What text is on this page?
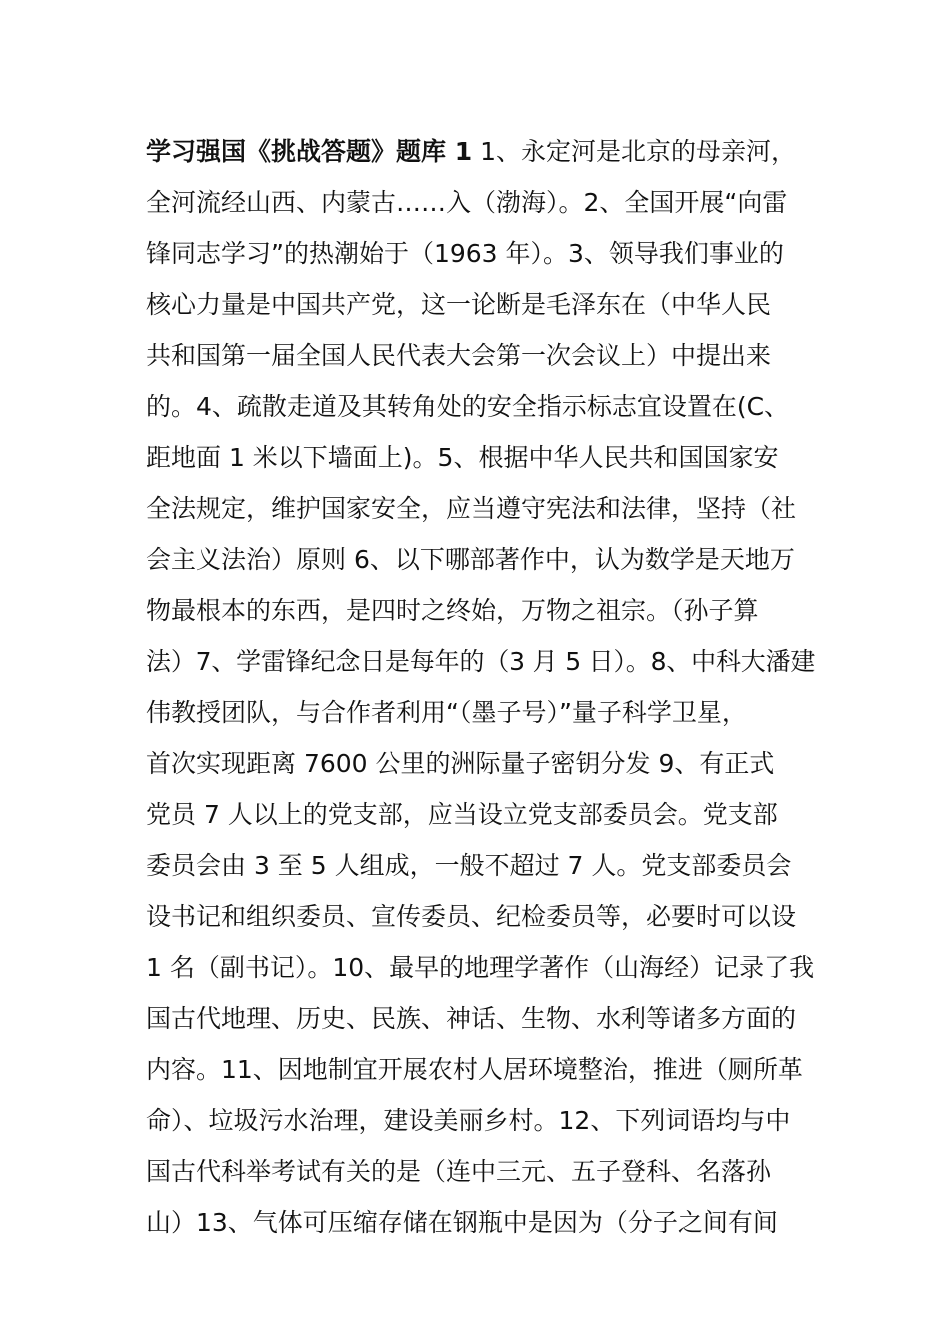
学习强国《挑战答题》题库 1 1、永定河是北京的母亲河，
全河流经山西、内蒙古……入（渤海）。2、全国开展“向雷
锋同志学习”的热潮始于（1963 年）。3、领导我们事业的
核心力量是中国共产党，这一论断是毛泽东在（中华人民
共和国第一届全国人民代表大会第一次会议上）中提出来
的。4、疏散走道及其转角处的安全指示标志宜设置在(C、
距地面 1 米以下墙面上)。5、根据中华人民共和国国家安
全法规定，维护国家安全，应当遵守宪法和法律，坚持（社
会主义法治）原则 6、以下哪部著作中，认为数学是天地万
物最根本的东西，是四时之终始，万物之祖宗。（孙子算
法）7、学雷锋纪念日是每年的（3 月 5 日）。8、中科大潘建
伟教授团队，与合作者利用“（墨子号）”量子科学卫星，
首次实现距离 7600 公里的洲际量子密钥分发 9、有正式
党员 7 人以上的党支部，应当设立党支部委员会。党支部
委员会由 3 至 5 人组成，一般不超过 7 人。党支部委员会
设书记和组织委员、宣传委员、纪检委员等，必要时可以设
1 名（副书记）。10、最早的地理学著作（山海经）记录了我
国古代地理、历史、民族、神话、生物、水利等诸多方面的
内容。11、因地制宜开展农村人居环境整治，推进（厕所革
命）、垃圾污水治理，建设美丽乡村。12、下列词语均与中
国古代科举考试有关的是（连中三元、五子登科、名落孙
山）13、气体可压缩存储在钢瓶中是因为（分子之间有间
